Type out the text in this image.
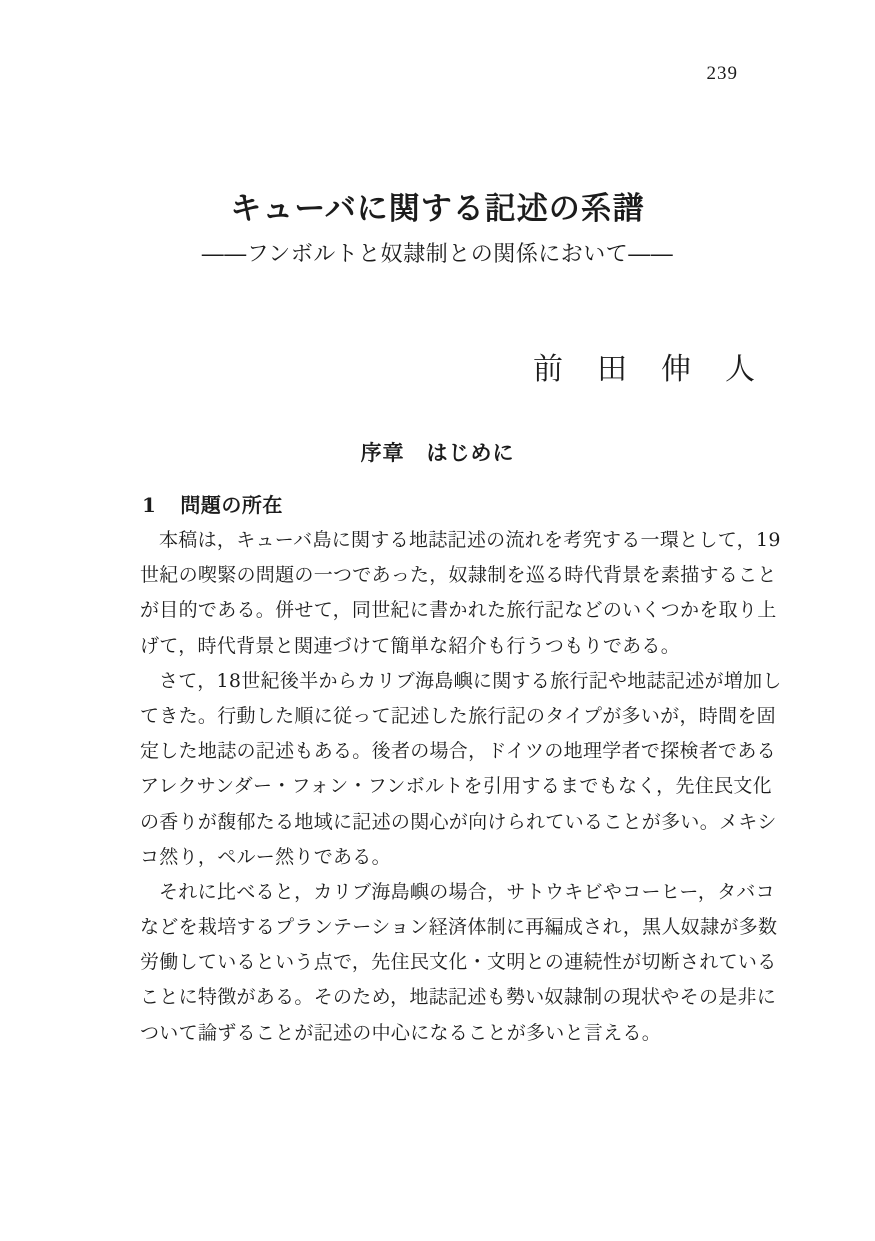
239
キューバに関する記述の系譜
――フンボルトと奴隷制との関係において――
前　田　伸　人
序章　はじめに
1 問題の所在
本稿は，キューバ島に関する地誌記述の流れを考究する一環として，19
世紀の喫緊の問題の一つであった，奴隷制を巡る時代背景を素描すること
が目的である。併せて，同世紀に書かれた旅行記などのいくつかを取り上
げて，時代背景と関連づけて簡単な紹介も行うつもりである。
さて，18世紀後半からカリブ海島嶼に関する旅行記や地誌記述が増加し
てきた。行動した順に従って記述した旅行記のタイプが多いが，時間を固
定した地誌の記述もある。後者の場合，ドイツの地理学者で探検者である
アレクサンダー・フォン・フンボルトを引用するまでもなく，先住民文化
の香りが馥郁たる地域に記述の関心が向けられていることが多い。メキシ
コ然り，ペルー然りである。
それに比べると，カリブ海島嶼の場合，サトウキビやコーヒー，タバコ
などを栽培するプランテーション経済体制に再編成され，黒人奴隷が多数
労働しているという点で，先住民文化・文明との連続性が切断されている
ことに特徴がある。そのため，地誌記述も勢い奴隷制の現状やその是非に
ついて論ずることが記述の中心になることが多いと言える。
